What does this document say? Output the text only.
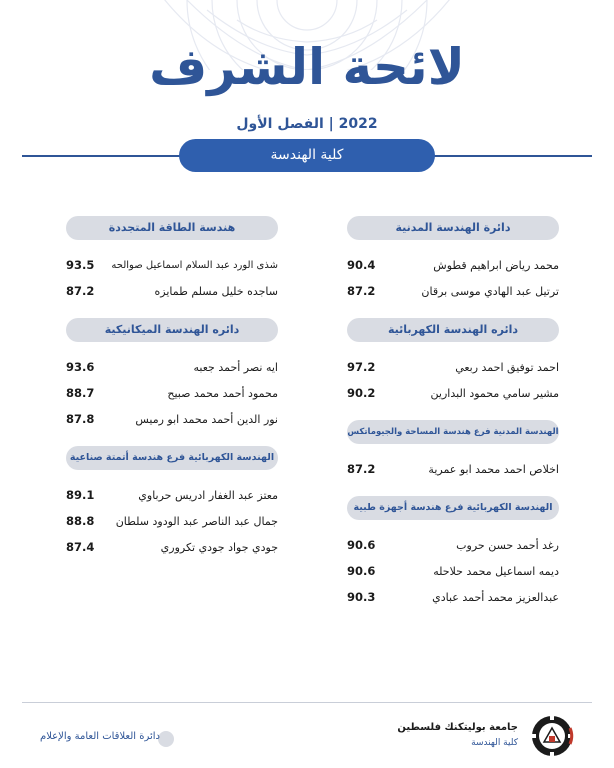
لائحة الشرف
2022 | الفصل الأول
كلية الهندسة
دائرة الهندسة المدنية
محمد رياض ابراهيم قطوش
90.4
ترتيل عبد الهادي موسى برقان
87.2
دائره الهندسة الكهربائية
احمد توفيق احمد ربعي
97.2
مشير سامي محمود البدارين
90.2
الهندسة المدنية فرع هندسة المساحة والجيوماتكس
اخلاص احمد محمد ابو عمرية
87.2
الهندسة الكهربائية فرع هندسة أجهزة طبية
رغد أحمد حسن حروب
90.6
ديمه اسماعيل محمد حلاحله
90.6
عبدالعزيز محمد أحمد عبادي
90.3
هندسة الطاقة المتجددة
شذى الورد عبد السلام اسماعيل صوالحه
93.5
ساجده خليل مسلم طمايزه
87.2
دائره الهندسة الميكانيكية
ايه نصر أحمد جعبه
93.6
محمود أحمد محمد صبيح
88.7
نور الدين أحمد محمد ابو رميس
87.8
الهندسة الكهربائية فرع هندسة أتمتة صناعية
معتز عبد الغفار ادريس حرباوي
89.1
جمال عبد الناصر عبد الودود سلطان
88.8
جودي جواد جودي تكروري
87.4
جامعة بوليتكنك فلسطين
كلية الهندسة
دائرة العلاقات العامة والإعلام
